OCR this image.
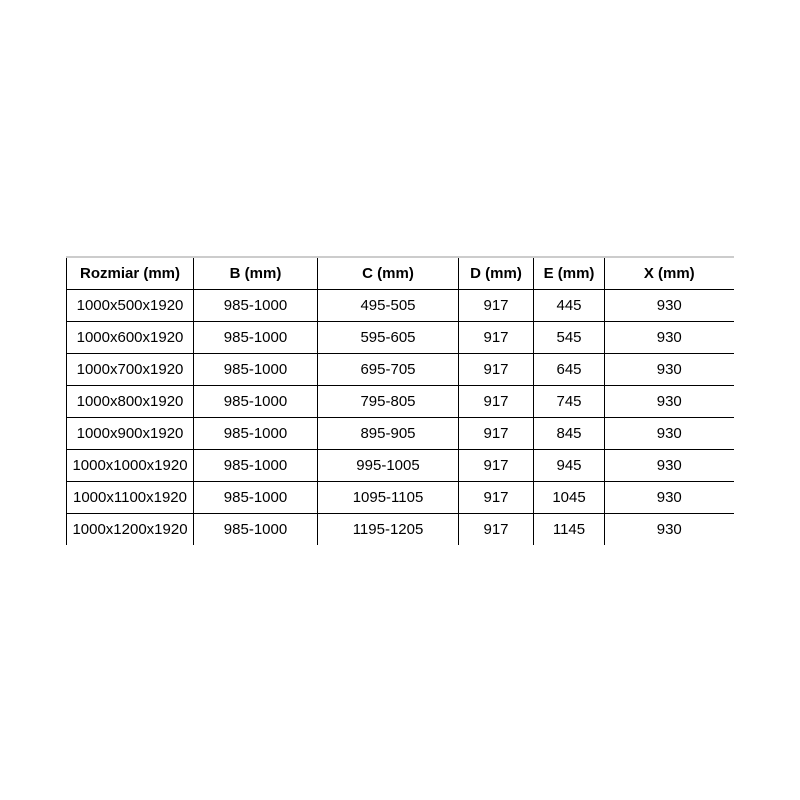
Rozmiar (mm)	B (mm)	C (mm)	D (mm)	E (mm)	X (mm)
1000x500x1920	985-1000	495-505	917	445	930
1000x600x1920	985-1000	595-605	917	545	930
1000x700x1920	985-1000	695-705	917	645	930
1000x800x1920	985-1000	795-805	917	745	930
1000x900x1920	985-1000	895-905	917	845	930
1000x1000x1920	985-1000	995-1005	917	945	930
1000x1100x1920	985-1000	1095-1105	917	1045	930
1000x1200x1920	985-1000	1195-1205	917	1145	930
